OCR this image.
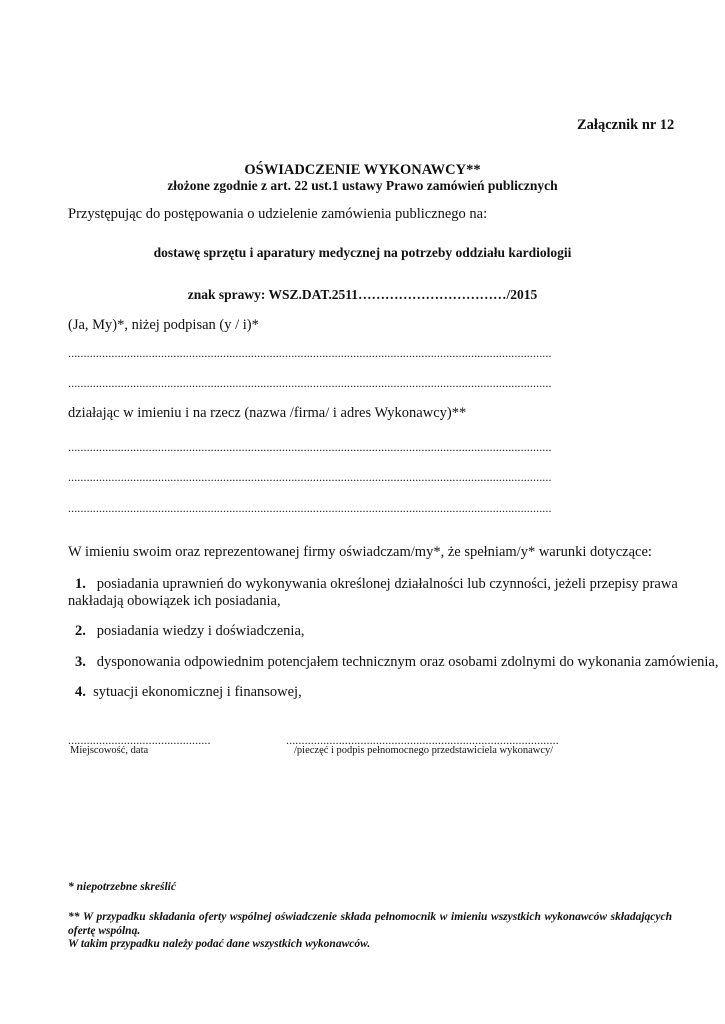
Załącznik nr 12
OŚWIADCZENIE WYKONAWCY**
złożone zgodnie z art. 22 ust.1 ustawy Prawo zamówień publicznych
Przystępując do postępowania o udzielenie zamówienia publicznego na:
dostawę sprzętu i aparatury medycznej na potrzeby oddziału kardiologii
znak sprawy: WSZ.DAT.2511……………………………/2015
(Ja, My)*, niżej podpisan (y / i)*
............................................................................................................................................................
............................................................................................................................................................
działając w imieniu i na rzecz (nazwa /firma/ i adres Wykonawcy)**
............................................................................................................................................................
............................................................................................................................................................
............................................................................................................................................................
W imieniu swoim oraz reprezentowanej firmy oświadczam/my*, że spełniam/y* warunki dotyczące:
1. posiadania uprawnień do wykonywania określonej działalności lub czynności, jeżeli przepisy prawa
nakładają obowiązek ich posiadania,
2. posiadania wiedzy i doświadczenia,
3. dysponowania odpowiednim potencjałem technicznym oraz osobami zdolnymi do wykonania zamówienia,
4. sytuacji ekonomicznej i finansowej,
..............................................	........................................................................................
Miejscowość, data	/pieczęć i podpis pełnomocnego przedstawiciela wykonawcy/
* niepotrzebne skreślić
** W przypadku składania oferty wspólnej oświadczenie składa pełnomocnik w imieniu wszystkich wykonawców składających ofertę wspólną.
W takim przypadku należy podać dane wszystkich wykonawców.
